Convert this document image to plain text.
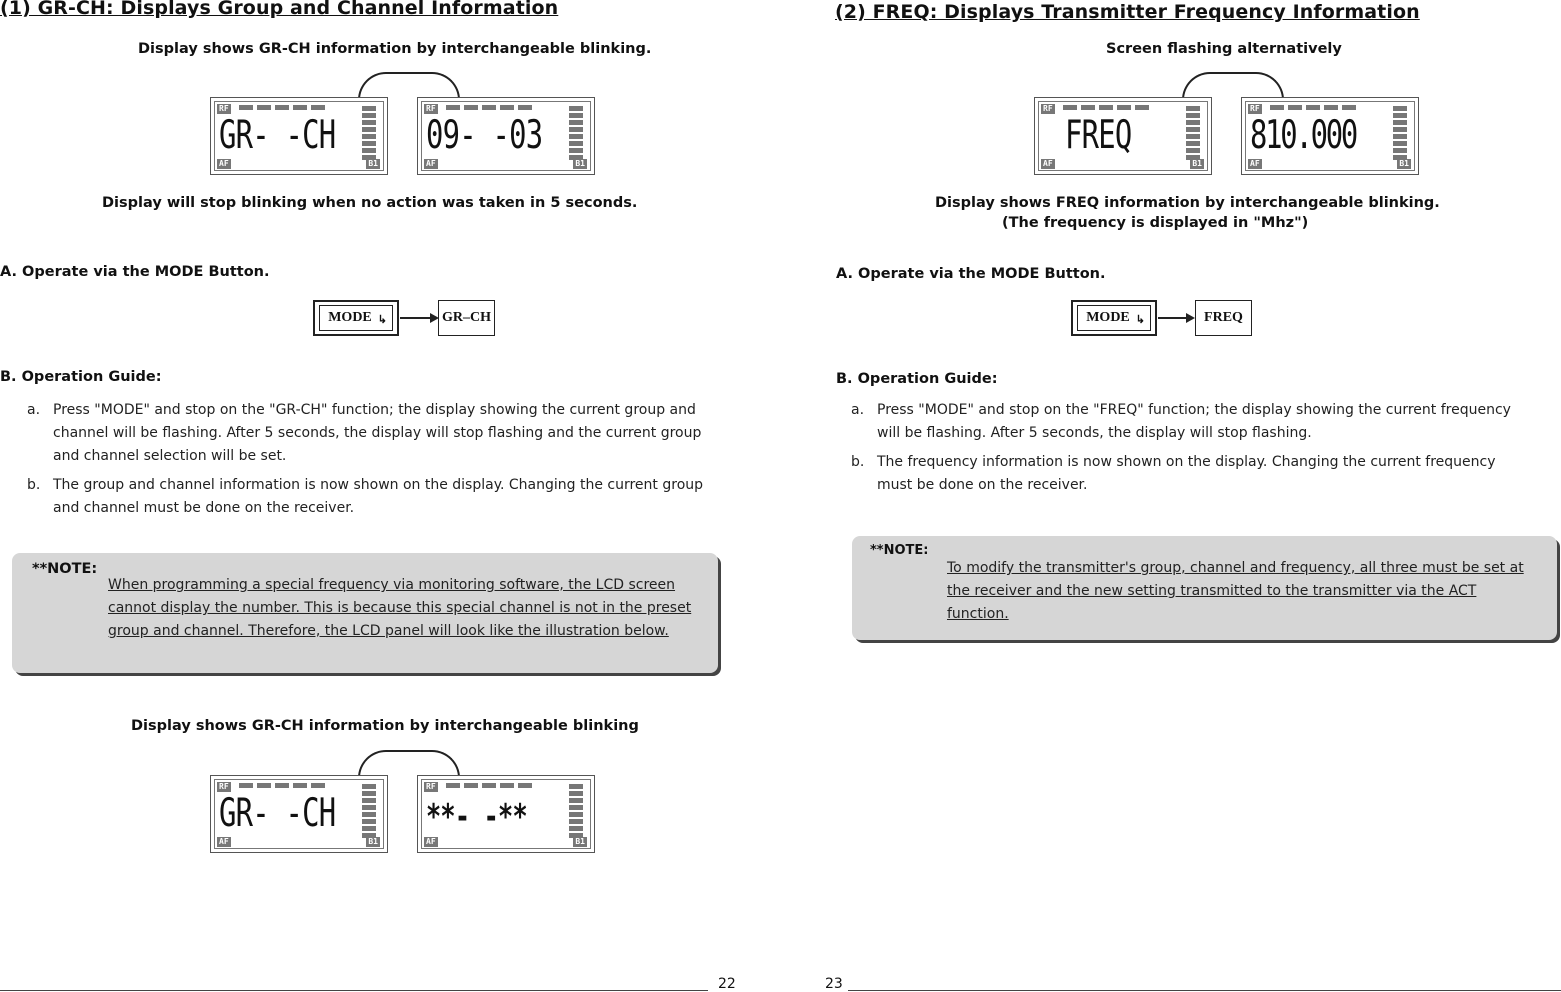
(1) GR-CH: Displays Group and Channel Information
Display shows GR-CH information by interchangeable blinking.
RF
GR- -CH
AF	B1
RF
09- -03
AF	B1
Display will stop blinking when no action was taken in 5 seconds.
A. Operate via the MODE Button.
MODE ↳	GR–CH
B. Operation Guide:
a. Press "MODE" and stop on the "GR-CH" function; the display showing the current group and channel will be flashing. After 5 seconds, the display will stop flashing and the current group and channel selection will be set.
b. The group and channel information is now shown on the display. Changing the current group and channel must be done on the receiver.
**NOTE:
When programming a special frequency via monitoring software, the LCD screen cannot display the number. This is because this special channel is not in the preset group and channel. Therefore, the LCD panel will look like the illustration below.
Display shows GR-CH information by interchangeable blinking
RF
GR- -CH
AF	B1
RF
**- -**
AF	B1
22
(2) FREQ: Displays Transmitter Frequency Information
Screen flashing alternatively
RF
FREQ
AF	B1
RF
810.000
AF	B1
Display shows FREQ information by interchangeable blinking.
(The frequency is displayed in "Mhz")
A. Operate via the MODE Button.
MODE ↳	FREQ
B. Operation Guide:
a. Press "MODE" and stop on the "FREQ" function; the display showing the current frequency will be flashing. After 5 seconds, the display will stop flashing.
b. The frequency information is now shown on the display. Changing the current frequency must be done on the receiver.
**NOTE:
To modify the transmitter's group, channel and frequency, all three must be set at the receiver and the new setting transmitted to the transmitter via the ACT function.
23
